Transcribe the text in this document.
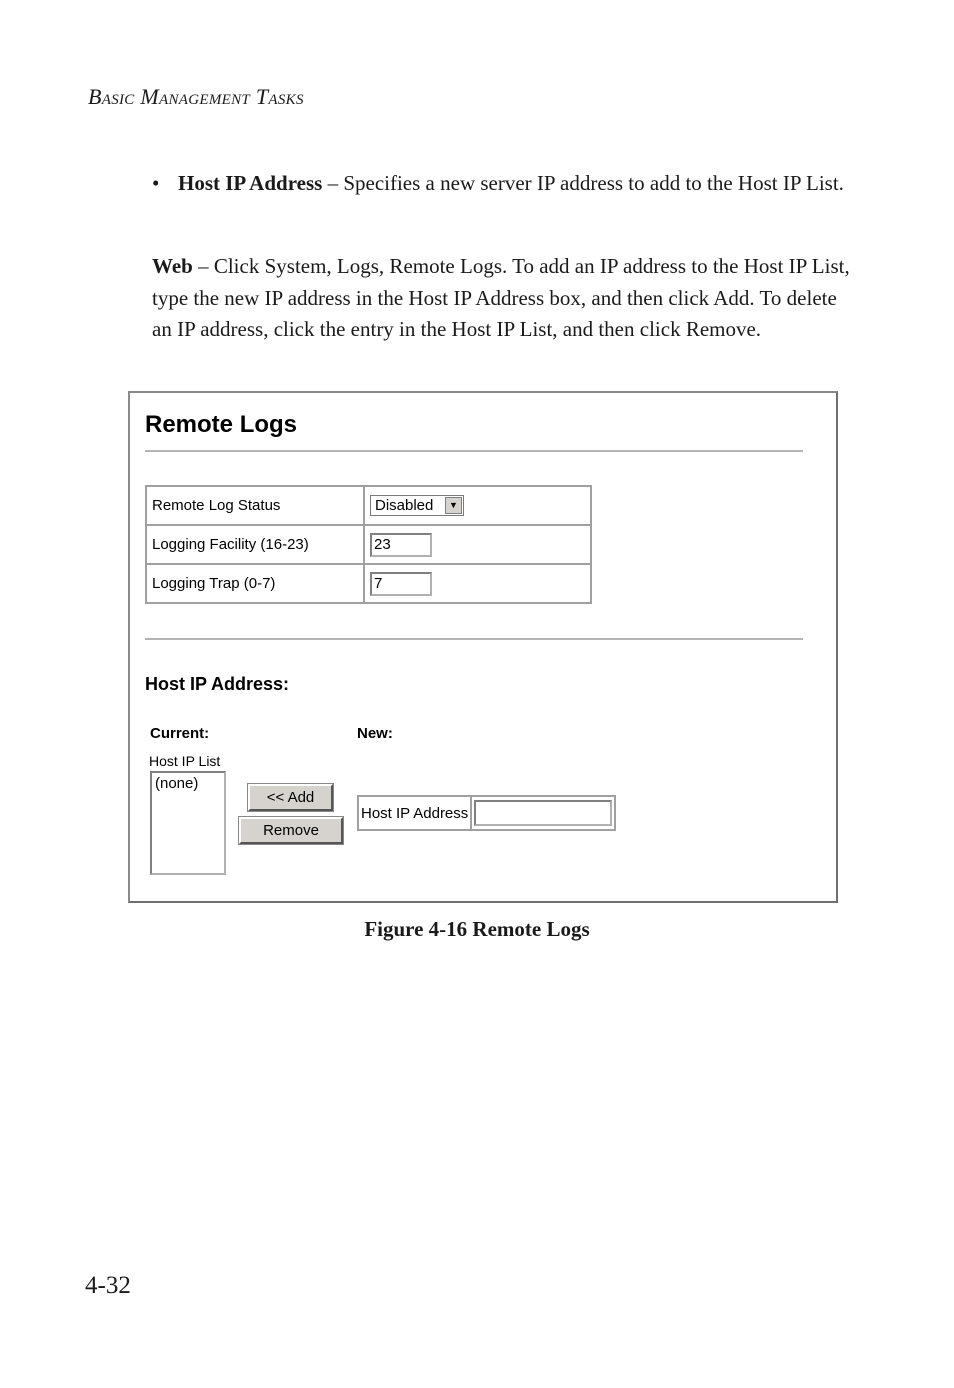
Basic Management Tasks
• Host IP Address – Specifies a new server IP address to add to the Host IP List.
Web – Click System, Logs, Remote Logs. To add an IP address to the Host IP List, type the new IP address in the Host IP Address box, and then click Add. To delete an IP address, click the entry in the Host IP List, and then click Remove.
Remote Logs
Remote Log Status	Disabled ▼

Logging Facility (16-23)	23
Logging Trap (0-7)	7
Host IP Address:
Current:	New:
Host IP List
(none)
<< Add
Remove
Host IP Address	
Figure 4-16 Remote Logs
4-32
